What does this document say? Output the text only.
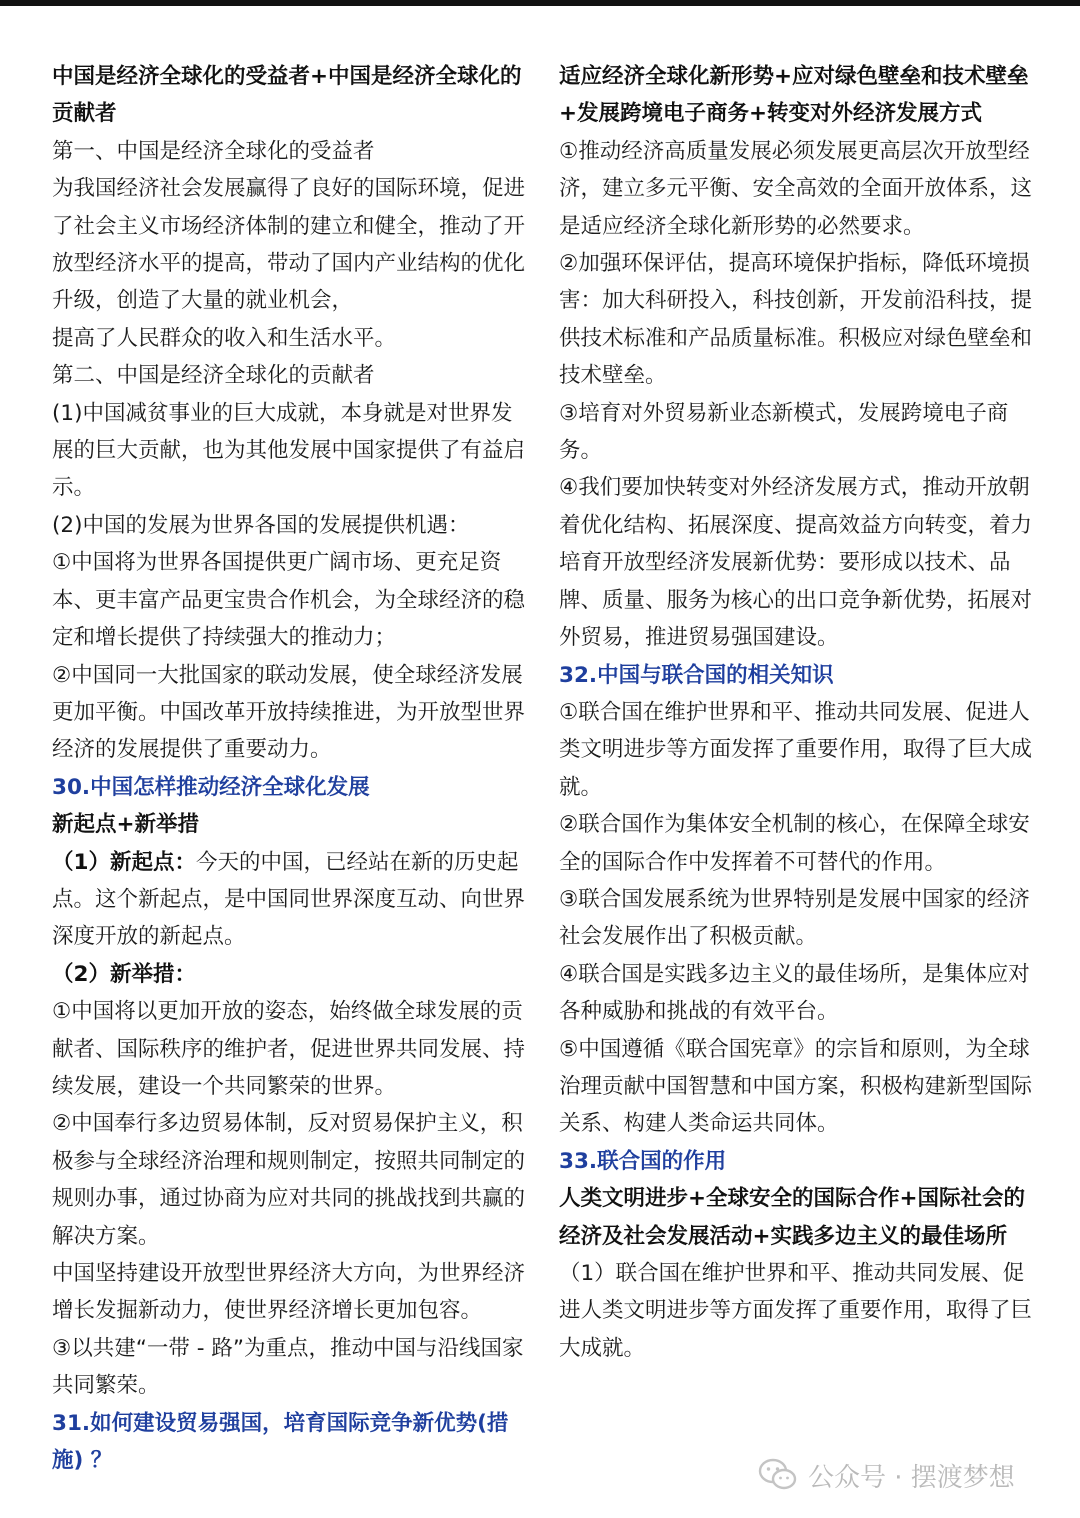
中国是经济全球化的受益者+中国是经济全球化的贡献者

第一、中国是经济全球化的受益者

为我国经济社会发展赢得了良好的国际环境，促进了社会主义市场经济体制的建立和健全，推动了开放型经济水平的提高，带动了国内产业结构的优化升级，创造了大量的就业机会，

提高了人民群众的收入和生活水平。

第二、中国是经济全球化的贡献者

(1)中国减贫事业的巨大成就，本身就是对世界发展的巨大贡献，也为其他发展中国家提供了有益启示。

(2)中国的发展为世界各国的发展提供机遇：

①中国将为世界各国提供更广阔市场、更充足资本、更丰富产品更宝贵合作机会，为全球经济的稳定和增长提供了持续强大的推动力；

②中国同一大批国家的联动发展，使全球经济发展更加平衡。中国改革开放持续推进，为开放型世界经济的发展提供了重要动力。

30.中国怎样推动经济全球化发展

新起点+新举措

（1）新起点：今天的中国，已经站在新的历史起点。这个新起点，是中国同世界深度互动、向世界深度开放的新起点。

（2）新举措：

①中国将以更加开放的姿态，始终做全球发展的贡献者、国际秩序的维护者，促进世界共同发展、持续发展，建设一个共同繁荣的世界。

②中国奉行多边贸易体制，反对贸易保护主义，积极参与全球经济治理和规则制定，按照共同制定的规则办事，通过协商为应对共同的挑战找到共赢的解决方案。

中国坚持建设开放型世界经济大方向，为世界经济增长发掘新动力，使世界经济增长更加包容。

③以共建“一带 - 路”为重点，推动中国与沿线国家共同繁荣。

31.如何建设贸易强国，培育国际竞争新优势(措施) ？

适应经济全球化新形势+应对绿色壁垒和技术壁垒+发展跨境电子商务+转变对外经济发展方式

①推动经济高质量发展必须发展更高层次开放型经济，建立多元平衡、安全高效的全面开放体系，这是适应经济全球化新形势的必然要求。

②加强环保评估，提高环境保护指标，降低环境损害：加大科研投入，科技创新，开发前沿科技，提供技术标准和产品质量标准。积极应对绿色壁垒和技术壁垒。

③培育对外贸易新业态新模式，发展跨境电子商务。

④我们要加快转变对外经济发展方式，推动开放朝着优化结构、拓展深度、提高效益方向转变，着力培育开放型经济发展新优势：要形成以技术、品牌、质量、服务为核心的出口竞争新优势，拓展对外贸易，推进贸易强国建设。

32.中国与联合国的相关知识

①联合国在维护世界和平、推动共同发展、促进人类文明进步等方面发挥了重要作用，取得了巨大成就。

②联合国作为集体安全机制的核心，在保障全球安全的国际合作中发挥着不可替代的作用。

③联合国发展系统为世界特别是发展中国家的经济社会发展作出了积极贡献。

④联合国是实践多边主义的最佳场所，是集体应对各种威胁和挑战的有效平台。

⑤中国遵循《联合国宪章》的宗旨和原则，为全球治理贡献中国智慧和中国方案，积极构建新型国际关系、构建人类命运共同体。

33.联合国的作用

人类文明进步+全球安全的国际合作+国际社会的经济及社会发展活动+实践多边主义的最佳场所

（1）联合国在维护世界和平、推动共同发展、促进人类文明进步等方面发挥了重要作用，取得了巨大成就。

公众号 · 摆渡梦想
